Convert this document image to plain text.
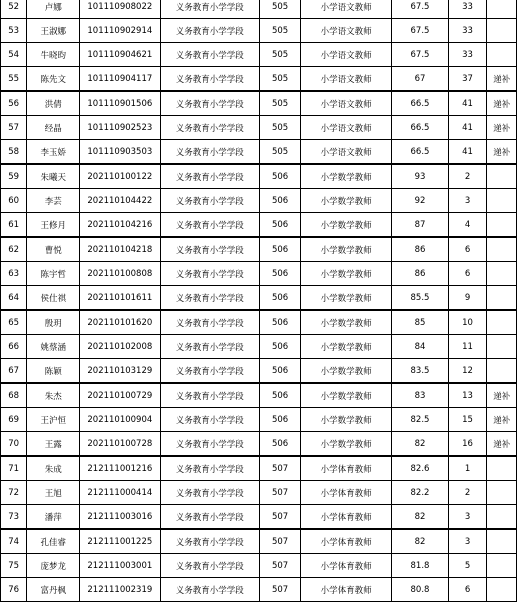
52	卢娜	101110908022	义务教育小学学段	505	小学语文教师	67.5	33	
53	王淑娜	101110902914	义务教育小学学段	505	小学语文教师	67.5	33	
54	牛晓昀	101110904621	义务教育小学学段	505	小学语文教师	67.5	33	
55	陈先文	101110904117	义务教育小学学段	505	小学语文教师	67	37	递补
56	洪倩	101110901506	义务教育小学学段	505	小学语文教师	66.5	41	递补
57	经晶	101110902523	义务教育小学学段	505	小学语文教师	66.5	41	递补
58	李玉娇	101110903503	义务教育小学学段	505	小学语文教师	66.5	41	递补
59	朱曦天	202110100122	义务教育小学学段	506	小学数学教师	93	2	
60	李芸	202110104422	义务教育小学学段	506	小学数学教师	92	3	
61	王修月	202110104216	义务教育小学学段	506	小学数学教师	87	4	
62	曹悦	202110104218	义务教育小学学段	506	小学数学教师	86	6	
63	陈宇哲	202110100808	义务教育小学学段	506	小学数学教师	86	6	
64	侯仕祺	202110101611	义务教育小学学段	506	小学数学教师	85.5	9	
65	殷玥	202110101620	义务教育小学学段	506	小学数学教师	85	10	
66	姚蔡涵	202110102008	义务教育小学学段	506	小学数学教师	84	11	
67	陈颖	202110103129	义务教育小学学段	506	小学数学教师	83.5	12	
68	朱杰	202110100729	义务教育小学学段	506	小学数学教师	83	13	递补
69	王沪恒	202110100904	义务教育小学学段	506	小学数学教师	82.5	15	递补
70	王露	202110100728	义务教育小学学段	506	小学数学教师	82	16	递补
71	朱成	212111001216	义务教育小学学段	507	小学体育教师	82.6	1	
72	王旭	212111000414	义务教育小学学段	507	小学体育教师	82.2	2	
73	潘萍	212111003016	义务教育小学学段	507	小学体育教师	82	3	
74	孔佳睿	212111001225	义务教育小学学段	507	小学体育教师	82	3	
75	庞梦龙	212111003001	义务教育小学学段	507	小学体育教师	81.8	5	
76	富丹枫	212111002319	义务教育小学学段	507	小学体育教师	80.8	6	
